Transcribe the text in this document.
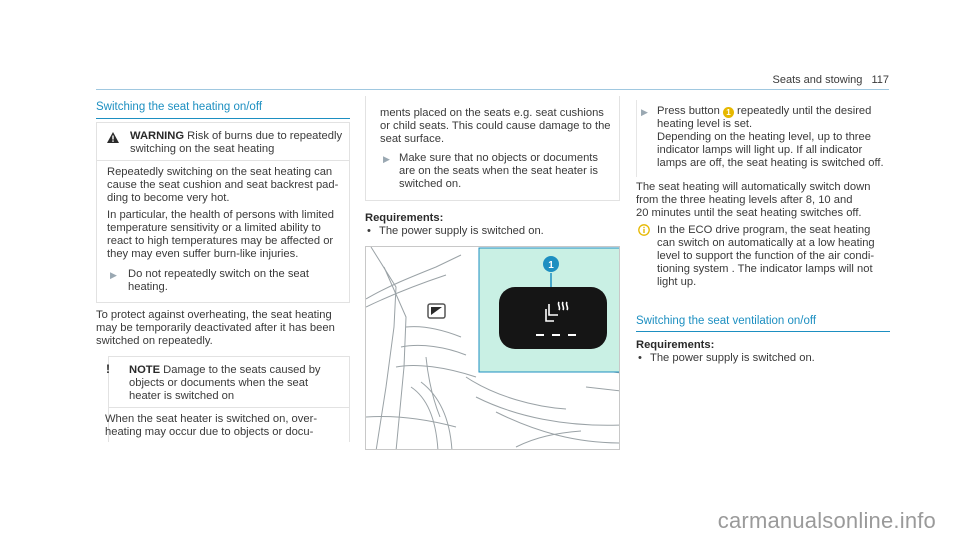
Seats and stowing 117
Switching the seat heating on/off
WARNING Risk of burns due to repeatedly
switching on the seat heating
Repeatedly switching on the seat heating can
cause the seat cushion and seat backrest pad-
ding to become very hot.
In particular, the health of persons with limited
temperature sensitivity or a limited ability to
react to high temperatures may be affected or
they may even suffer burn-like injuries.
▶ Do not repeatedly switch on the seat
heating.
To protect against overheating, the seat heating
may be temporarily deactivated after it has been
switched on repeatedly.
! NOTE Damage to the seats caused by
objects or documents when the seat
heater is switched on
When the seat heater is switched on, over-
heating may occur due to objects or docu-
ments placed on the seats e.g. seat cushions
or child seats. This could cause damage to the
seat surface.
▶ Make sure that no objects or documents
are on the seats when the seat heater is
switched on.
Requirements:
• The power supply is switched on.
1
▶ Press button 1 repeatedly until the desired
heating level is set.
Depending on the heating level, up to three
indicator lamps will light up. If all indicator
lamps are off, the seat heating is switched off.
The seat heating will automatically switch down
from the three heating levels after 8, 10 and
20 minutes until the seat heating switches off.
In the ECO drive program, the seat heating
can switch on automatically at a low heating
level to support the function of the air condi-
tioning system . The indicator lamps will not
light up.
Switching the seat ventilation on/off
Requirements:
• The power supply is switched on.
carmanualsonline.info
